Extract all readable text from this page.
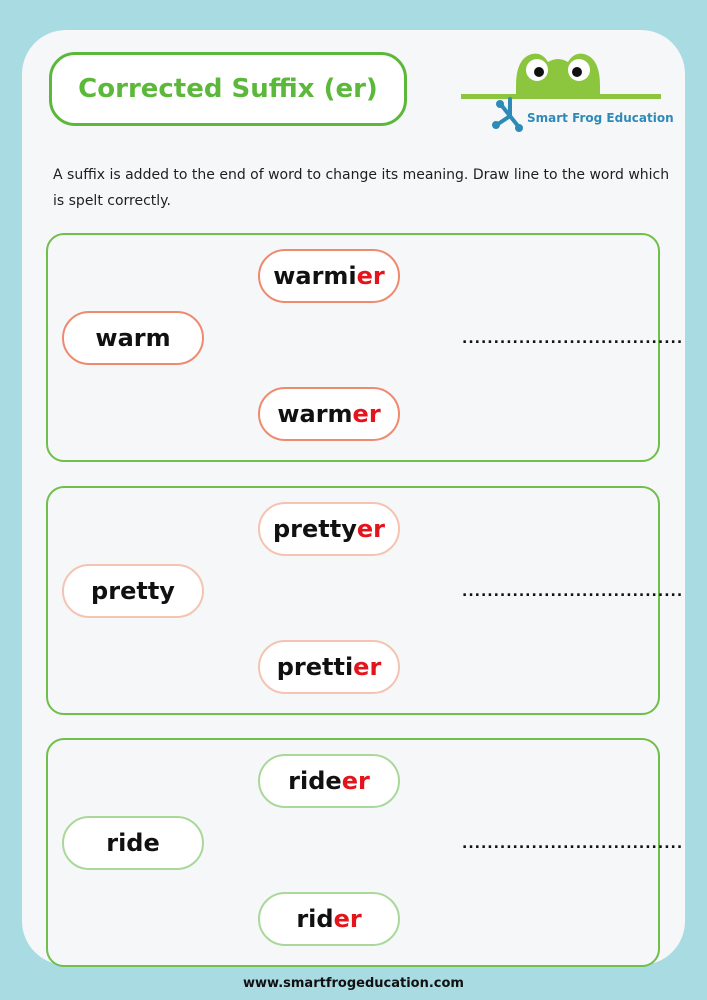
Corrected Suffix (er)
Smart Frog Education
A suffix is added to the end of word to change its meaning. Draw line to the word which is spelt correctly.
warmi er
warm
warm er
...................................
pretty er
pretty
pretti er
...................................
ride er
ride
rid er
...................................
www.smartfrogeducation.com
